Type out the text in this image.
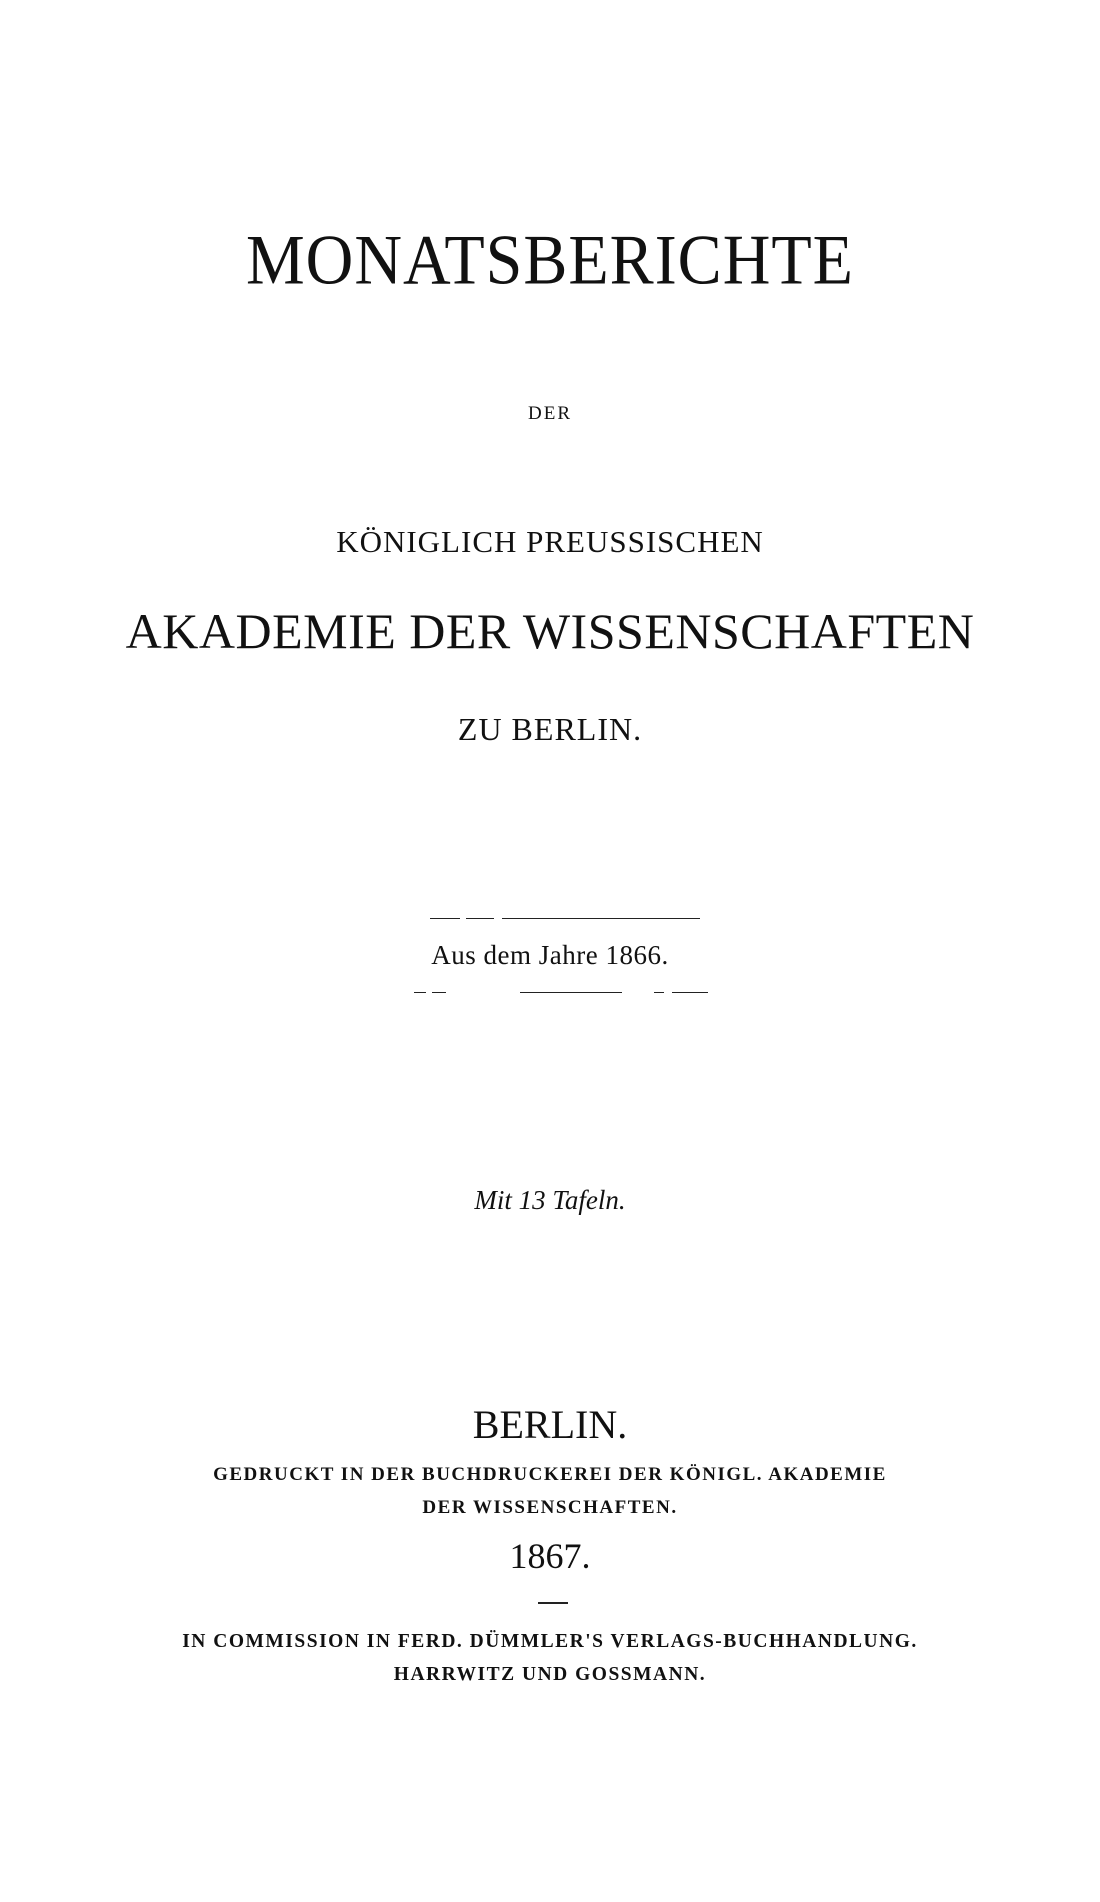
MONATSBERICHTE
DER
KÖNIGLICH PREUSSISCHEN
AKADEMIE DER WISSENSCHAFTEN
ZU BERLIN.
Aus dem Jahre 1866.
Mit 13 Tafeln.
BERLIN.
GEDRUCKT IN DER BUCHDRUCKEREI DER KÖNIGL. AKADEMIE
DER WISSENSCHAFTEN.
1867.
IN COMMISSION IN FERD. DÜMMLER'S VERLAGS-BUCHHANDLUNG.
HARRWITZ UND GOSSMANN.
